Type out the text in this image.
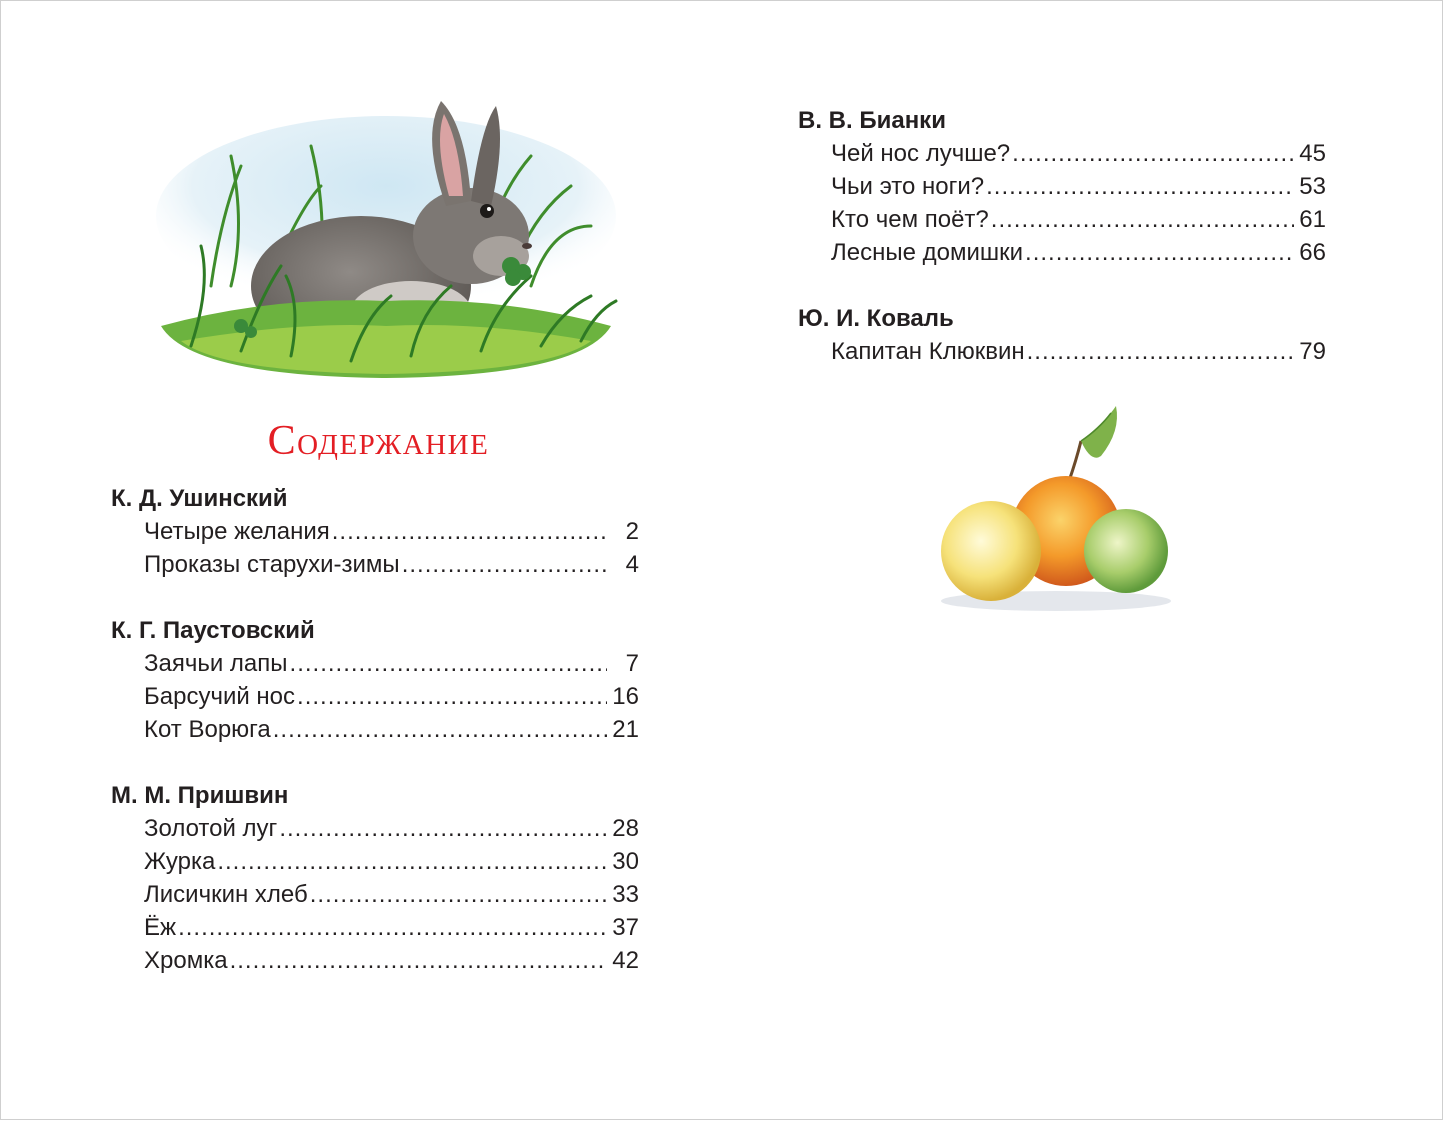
Содержание
К. Д. Ушинский
Четыре желания .....	2
Проказы старухи-зимы .....	4
К. Г. Паустовский
Заячьи лапы .....	7
Барсучий нос .....	16
Кот Ворюга .....	21
М. М. Пришвин
Золотой луг .....	28
Журка .....	30
Лисичкин хлеб .....	33
Ёж .....	37
Хромка .....	42
В. В. Бианки
Чей нос лучше? .....	45
Чьи это ноги? .....	53
Кто чем поёт? .....	61
Лесные домишки .....	66
Ю. И. Коваль
Капитан Клюквин .....	79
